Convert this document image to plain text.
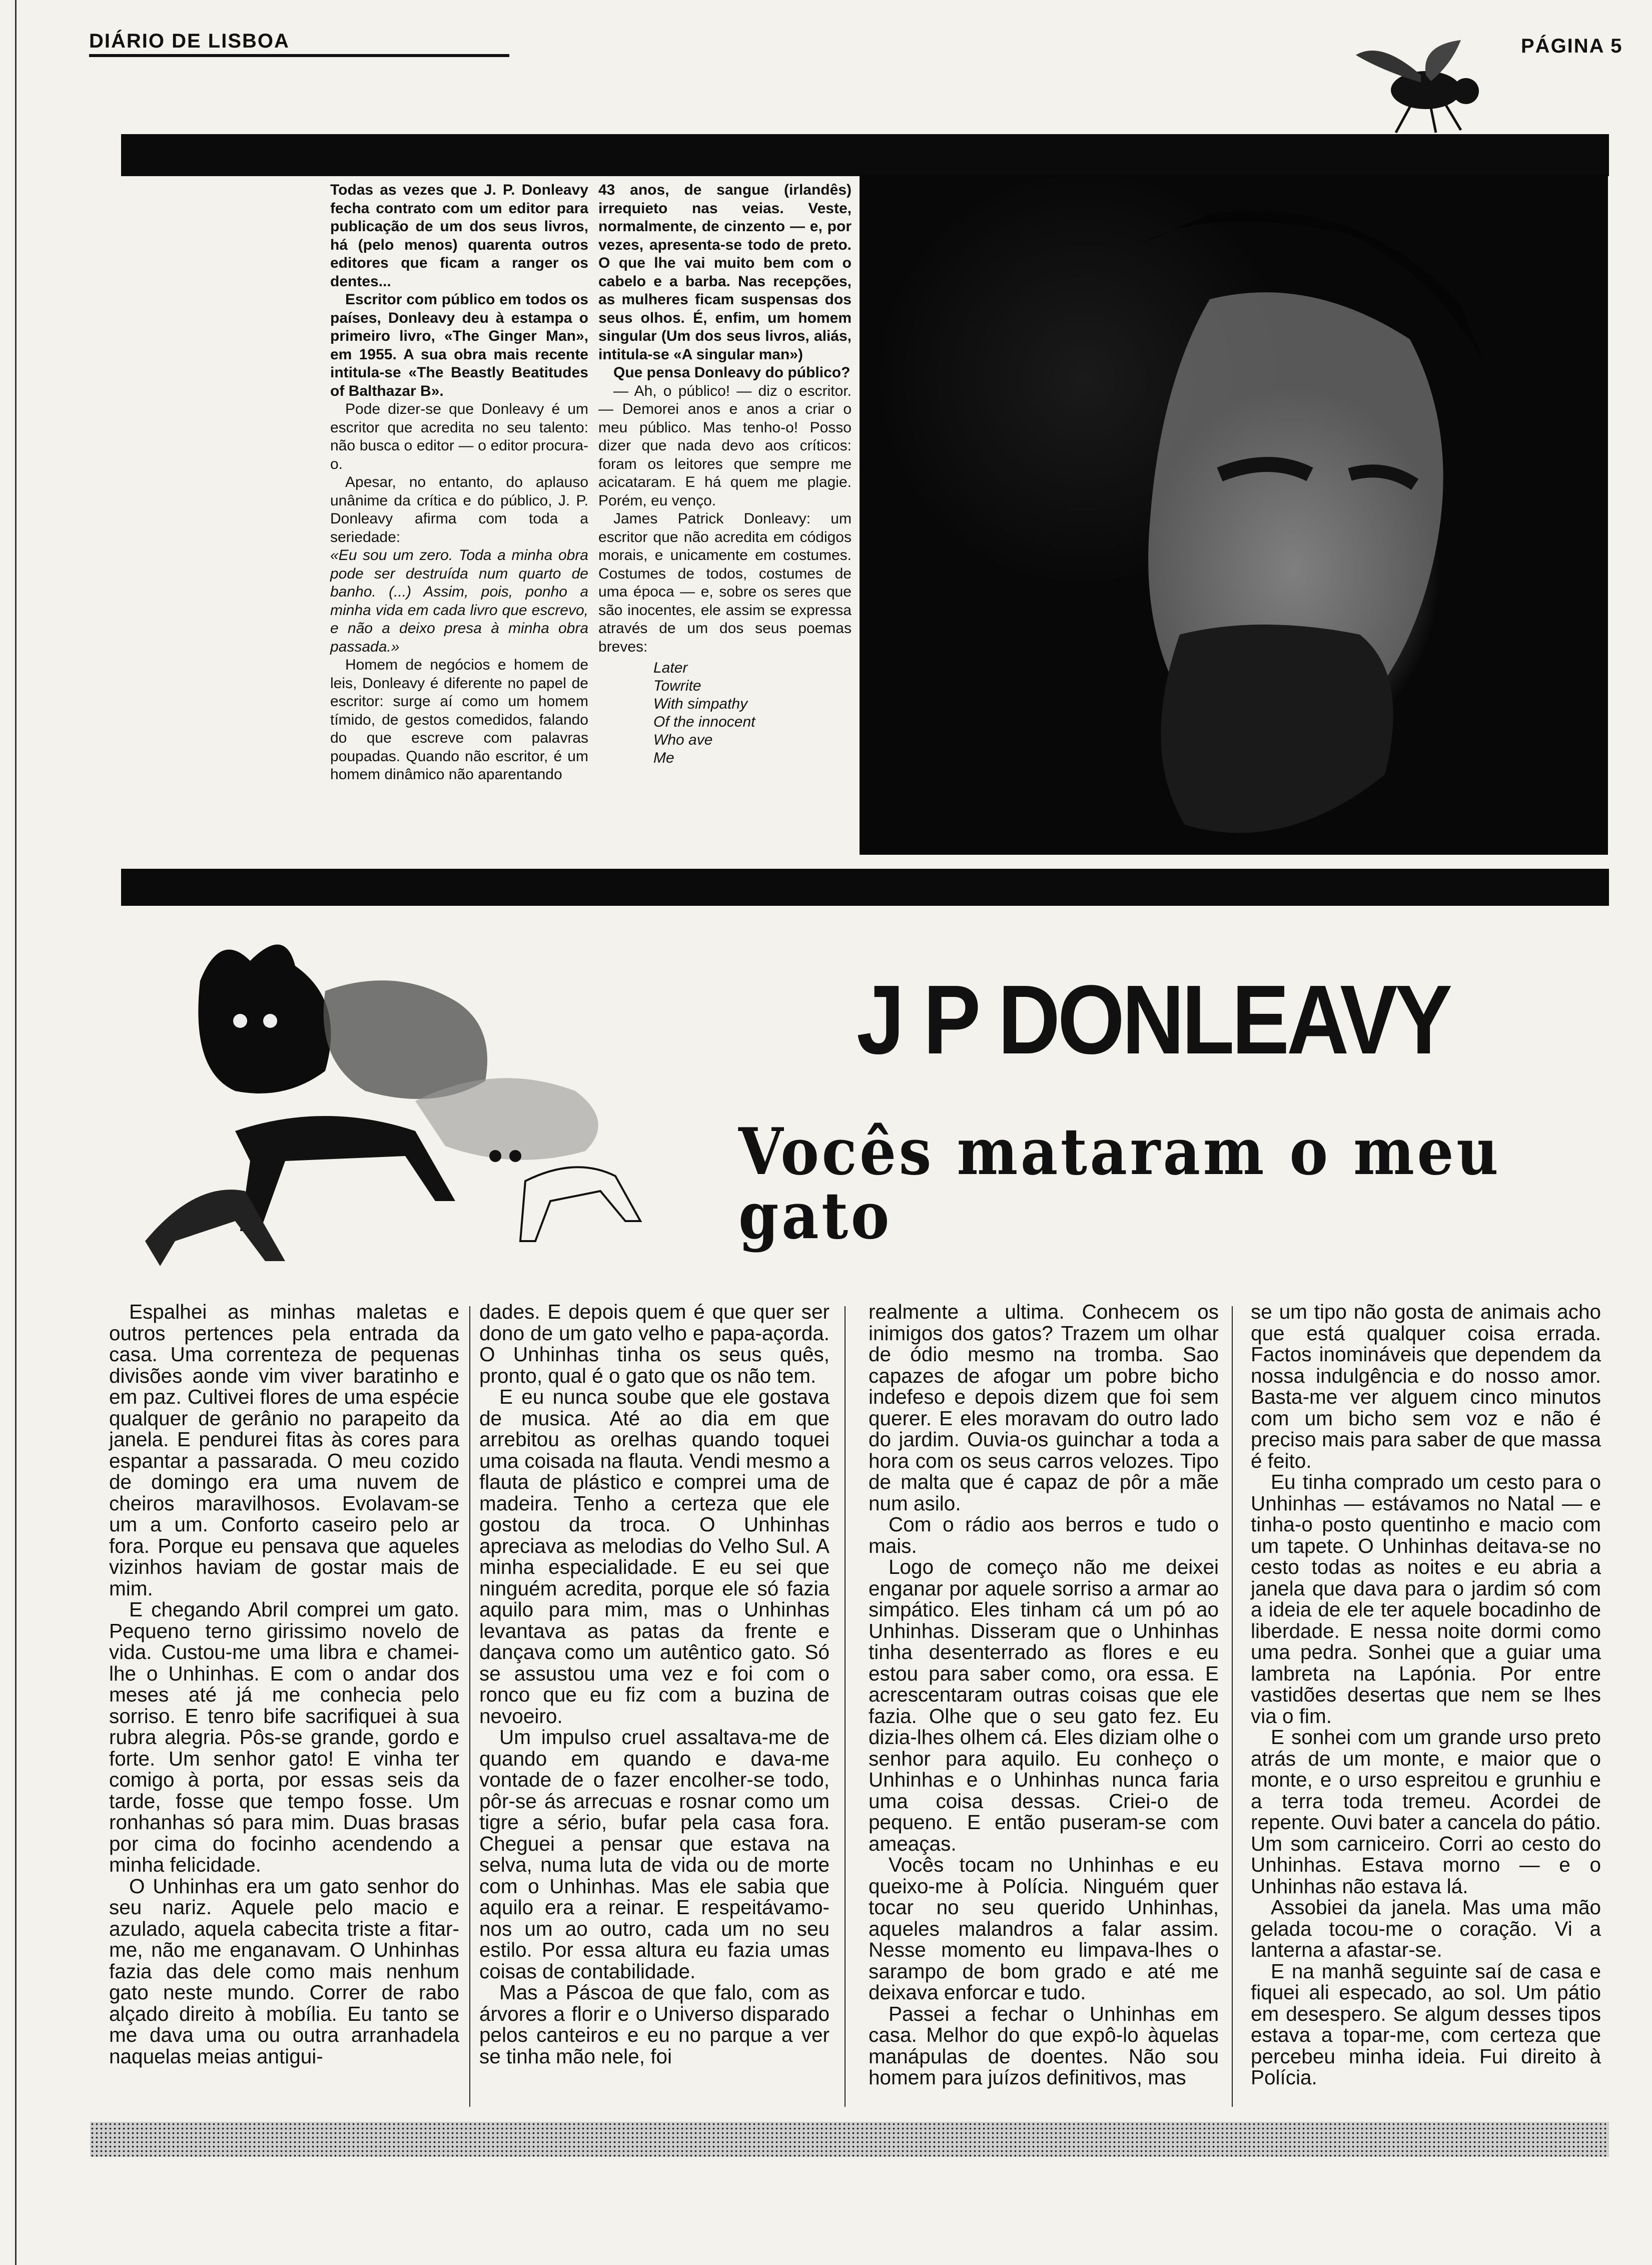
DIÁRIO DE LISBOA	PÁGINA 5

Todas as vezes que J. P. Donleavy fecha contrato com um editor para publicação de um dos seus livros, há (pelo menos) quarenta outros editores que ficam a ranger os dentes...

Escritor com público em todos os países, Donleavy deu à estampa o primeiro livro, «The Ginger Man», em 1955. A sua obra mais recente intitula-se «The Beastly Beatitudes of Balthazar B».

Pode dizer-se que Donleavy é um escritor que acredita no seu talento: não busca o editor — o editor procura-o.

Apesar, no entanto, do aplauso unânime da crítica e do público, J. P. Donleavy afirma com toda a seriedade:

«Eu sou um zero. Toda a minha obra pode ser destruída num quarto de banho. (...) Assim, pois, ponho a minha vida em cada livro que escrevo, e não a deixo presa à minha obra passada.»

Homem de negócios e homem de leis, Donleavy é diferente no papel de escritor: surge aí como um homem tímido, de gestos comedidos, falando do que escreve com palavras poupadas. Quando não escritor, é um homem dinâmico não aparentando

43 anos, de sangue (irlandês) irrequieto nas veias. Veste, normalmente, de cinzento — e, por vezes, apresenta-se todo de preto. O que lhe vai muito bem com o cabelo e a barba. Nas recepções, as mulheres ficam suspensas dos seus olhos. É, enfim, um homem singular (Um dos seus livros, aliás, intitula-se «A singular man»)

Que pensa Donleavy do público?

— Ah, o público! — diz o escritor. — Demorei anos e anos a criar o meu público. Mas tenho-o! Posso dizer que nada devo aos críticos: foram os leitores que sempre me acicataram. E há quem me plagie. Porém, eu venço.

James Patrick Donleavy: um escritor que não acredita em códigos morais, e unicamente em costumes. Costumes de todos, costumes de uma época — e, sobre os seres que são inocentes, ele assim se expressa através de um dos seus poemas breves:

Later
Towrite
With simpathy
Of the innocent
Who ave
Me
J P DONLEAVY
Vocês mataram o meu gato

Espalhei as minhas maletas e outros pertences pela entrada da casa. Uma correnteza de pequenas divisões aonde vim viver baratinho e em paz. Cultivei flores de uma espécie qualquer de gerânio no parapeito da janela. E pendurei fitas às cores para espantar a passarada. O meu cozido de domingo era uma nuvem de cheiros maravilhosos. Evolavam-se um a um. Conforto caseiro pelo ar fora. Porque eu pensava que aqueles vizinhos haviam de gostar mais de mim.

E chegando Abril comprei um gato. Pequeno terno girissimo novelo de vida. Custou-me uma libra e chamei-lhe o Unhinhas. E com o andar dos meses até já me conhecia pelo sorriso. E tenro bife sacrifiquei à sua rubra alegria. Pôs-se grande, gordo e forte. Um senhor gato! E vinha ter comigo à porta, por essas seis da tarde, fosse que tempo fosse. Um ronhanhas só para mim. Duas brasas por cima do focinho acendendo a minha felicidade.

O Unhinhas era um gato senhor do seu nariz. Aquele pelo macio e azulado, aquela cabecita triste a fitar-me, não me enganavam. O Unhinhas fazia das dele como mais nenhum gato neste mundo. Correr de rabo alçado direito à mobília. Eu tanto se me dava uma ou outra arranhadela naquelas meias antigui-

dades. E depois quem é que quer ser dono de um gato velho e papa-açorda. O Unhinhas tinha os seus quês, pronto, qual é o gato que os não tem.

E eu nunca soube que ele gostava de musica. Até ao dia em que arrebitou as orelhas quando toquei uma coisada na flauta. Vendi mesmo a flauta de plástico e comprei uma de madeira. Tenho a certeza que ele gostou da troca. O Unhinhas apreciava as melodias do Velho Sul. A minha especialidade. E eu sei que ninguém acredita, porque ele só fazia aquilo para mim, mas o Unhinhas levantava as patas da frente e dançava como um autêntico gato. Só se assustou uma vez e foi com o ronco que eu fiz com a buzina de nevoeiro.

Um impulso cruel assaltava-me de quando em quando e dava-me vontade de o fazer encolher-se todo, pôr-se ás arrecuas e rosnar como um tigre a sério, bufar pela casa fora. Cheguei a pensar que estava na selva, numa luta de vida ou de morte com o Unhinhas. Mas ele sabia que aquilo era a reinar. E respeitávamo-nos um ao outro, cada um no seu estilo. Por essa altura eu fazia umas coisas de contabilidade.

Mas a Páscoa de que falo, com as árvores a florir e o Universo disparado pelos canteiros e eu no parque a ver se tinha mão nele, foi

realmente a ultima. Conhecem os inimigos dos gatos? Trazem um olhar de ódio mesmo na tromba. Sao capazes de afogar um pobre bicho indefeso e depois dizem que foi sem querer. E eles moravam do outro lado do jardim. Ouvia-os guinchar a toda a hora com os seus carros velozes. Tipo de malta que é capaz de pôr a mãe num asilo.

Com o rádio aos berros e tudo o mais.

Logo de começo não me deixei enganar por aquele sorriso a armar ao simpático. Eles tinham cá um pó ao Unhinhas. Disseram que o Unhinhas tinha desenterrado as flores e eu estou para saber como, ora essa. E acrescentaram outras coisas que ele fazia. Olhe que o seu gato fez. Eu dizia-lhes olhem cá. Eles diziam olhe o senhor para aquilo. Eu conheço o Unhinhas e o Unhinhas nunca faria uma coisa dessas. Criei-o de pequeno. E então puseram-se com ameaças.

Vocês tocam no Unhinhas e eu queixo-me à Polícia. Ninguém quer tocar no seu querido Unhinhas, aqueles malandros a falar assim. Nesse momento eu limpava-lhes o sarampo de bom grado e até me deixava enforcar e tudo.

Passei a fechar o Unhinhas em casa. Melhor do que expô-lo àquelas manápulas de doentes. Não sou homem para juízos definitivos, mas

se um tipo não gosta de animais acho que está qualquer coisa errada. Factos inomináveis que dependem da nossa indulgência e do nosso amor. Basta-me ver alguem cinco minutos com um bicho sem voz e não é preciso mais para saber de que massa é feito.

Eu tinha comprado um cesto para o Unhinhas — estávamos no Natal — e tinha-o posto quentinho e macio com um tapete. O Unhinhas deitava-se no cesto todas as noites e eu abria a janela que dava para o jardim só com a ideia de ele ter aquele bocadinho de liberdade. E nessa noite dormi como uma pedra. Sonhei que a guiar uma lambreta na Lapónia. Por entre vastidões desertas que nem se lhes via o fim.

E sonhei com um grande urso preto atrás de um monte, e maior que o monte, e o urso espreitou e grunhiu e a terra toda tremeu. Acordei de repente. Ouvi bater a cancela do pátio. Um som carniceiro. Corri ao cesto do Unhinhas. Estava morno — e o Unhinhas não estava lá.

Assobiei da janela. Mas uma mão gelada tocou-me o coração. Vi a lanterna a afastar-se.

E na manhã seguinte saí de casa e fiquei ali especado, ao sol. Um pátio em desespero. Se algum desses tipos estava a topar-me, com certeza que percebeu minha ideia. Fui direito à Polícia.
